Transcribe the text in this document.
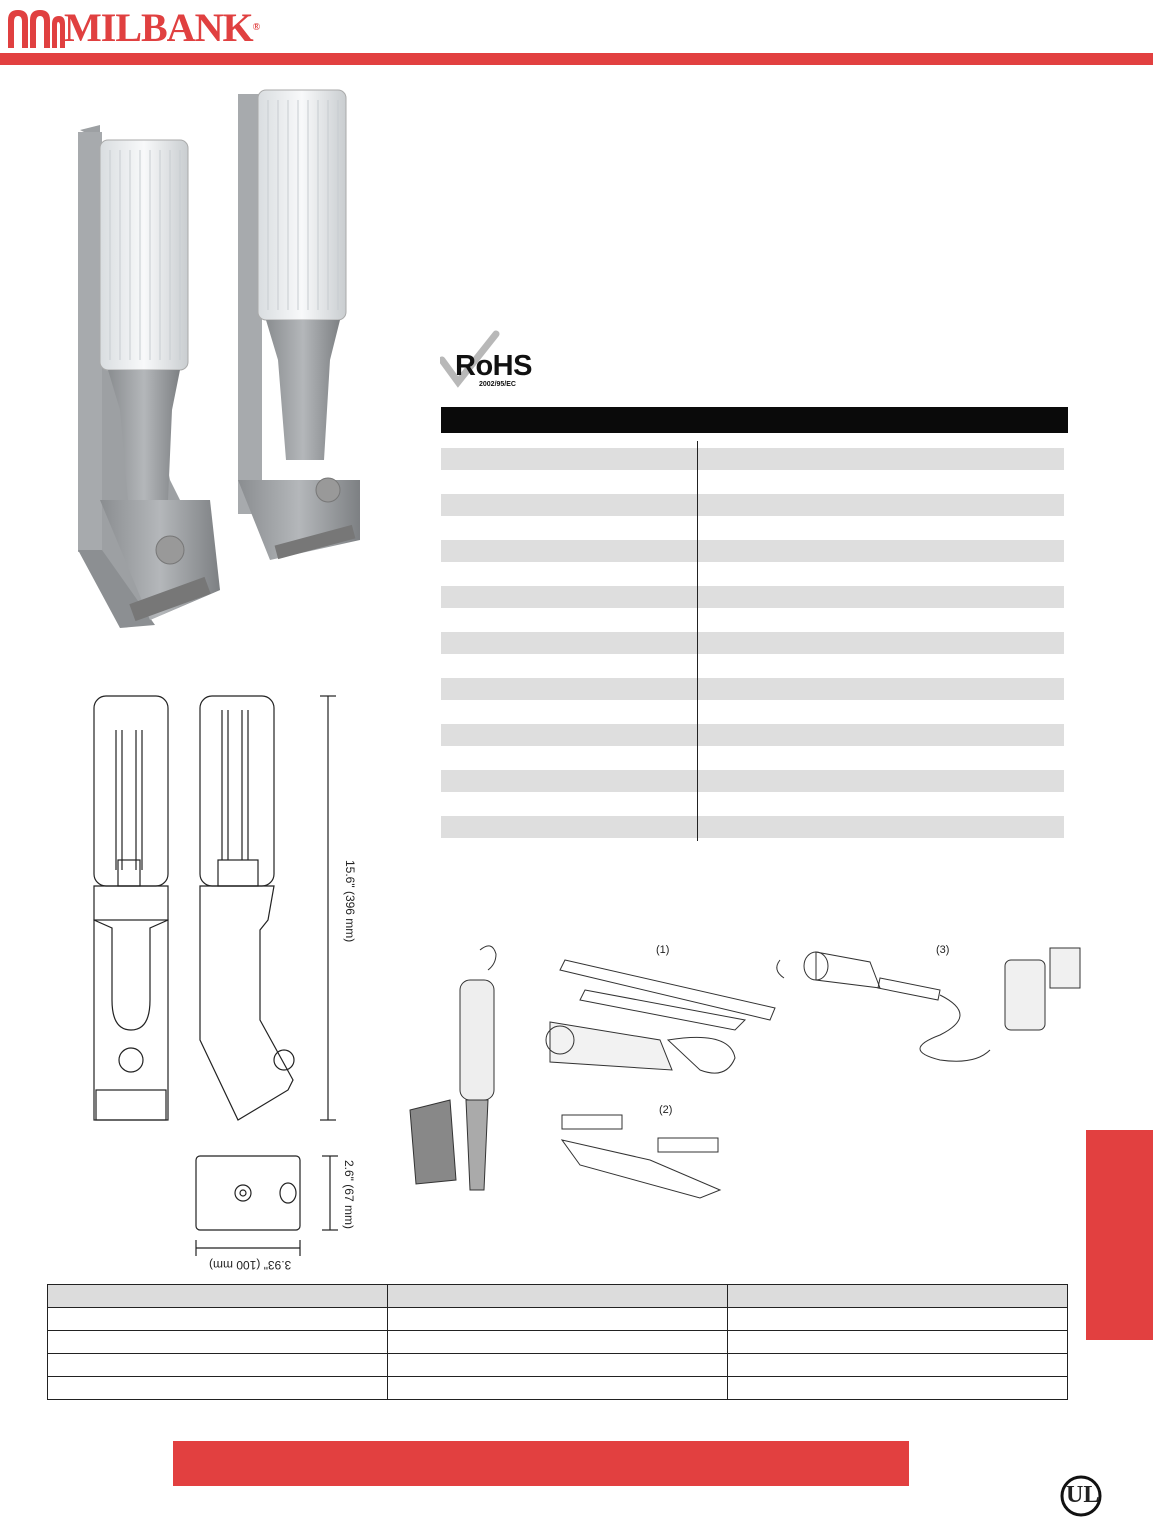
MILBANK®
RoHS
2002/95/EC
15.6" (396 mm)
2.6" (67 mm)
3.93" (100 mm)
(1)
(2)
(3)

UL
